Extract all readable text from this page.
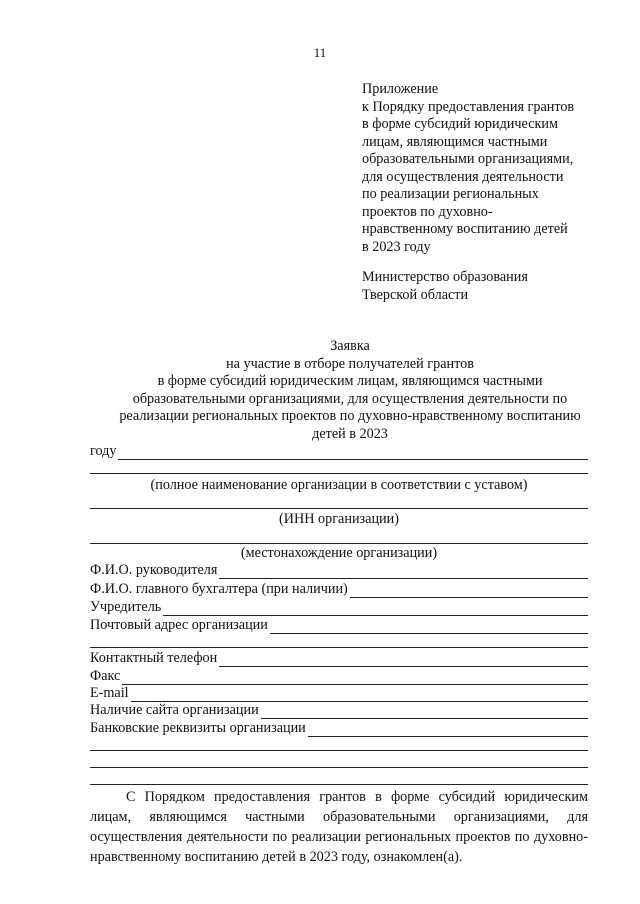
11
Приложение
к Порядку предоставления грантов
в форме субсидий юридическим
лицам, являющимся частными
образовательными организациями,
для осуществления деятельности
по реализации региональных
проектов по духовно-
нравственному воспитанию детей
в 2023 году
Министерство образования
Тверской области
Заявка
на участие в отборе получателей грантов
в форме субсидий юридическим лицам, являющимся частными
образовательными организациями, для осуществления деятельности по
реализации региональных проектов по духовно-нравственному воспитанию
детей в 2023
году
(полное наименование организации в соответствии с уставом)
(ИНН организации)
(местонахождение организации)
Ф.И.О. руководителя
Ф.И.О. главного бухгалтера (при наличии)
Учредитель
Почтовый адрес организации
Контактный телефон
Факс
E-mail
Наличие сайта организации
Банковские реквизиты организации
С Порядком предоставления грантов в форме субсидий юридическим лицам, являющимся частными образовательными организациями, для осуществления деятельности по реализации региональных проектов по духовно-нравственному воспитанию детей в 2023 году, ознакомлен(а).
